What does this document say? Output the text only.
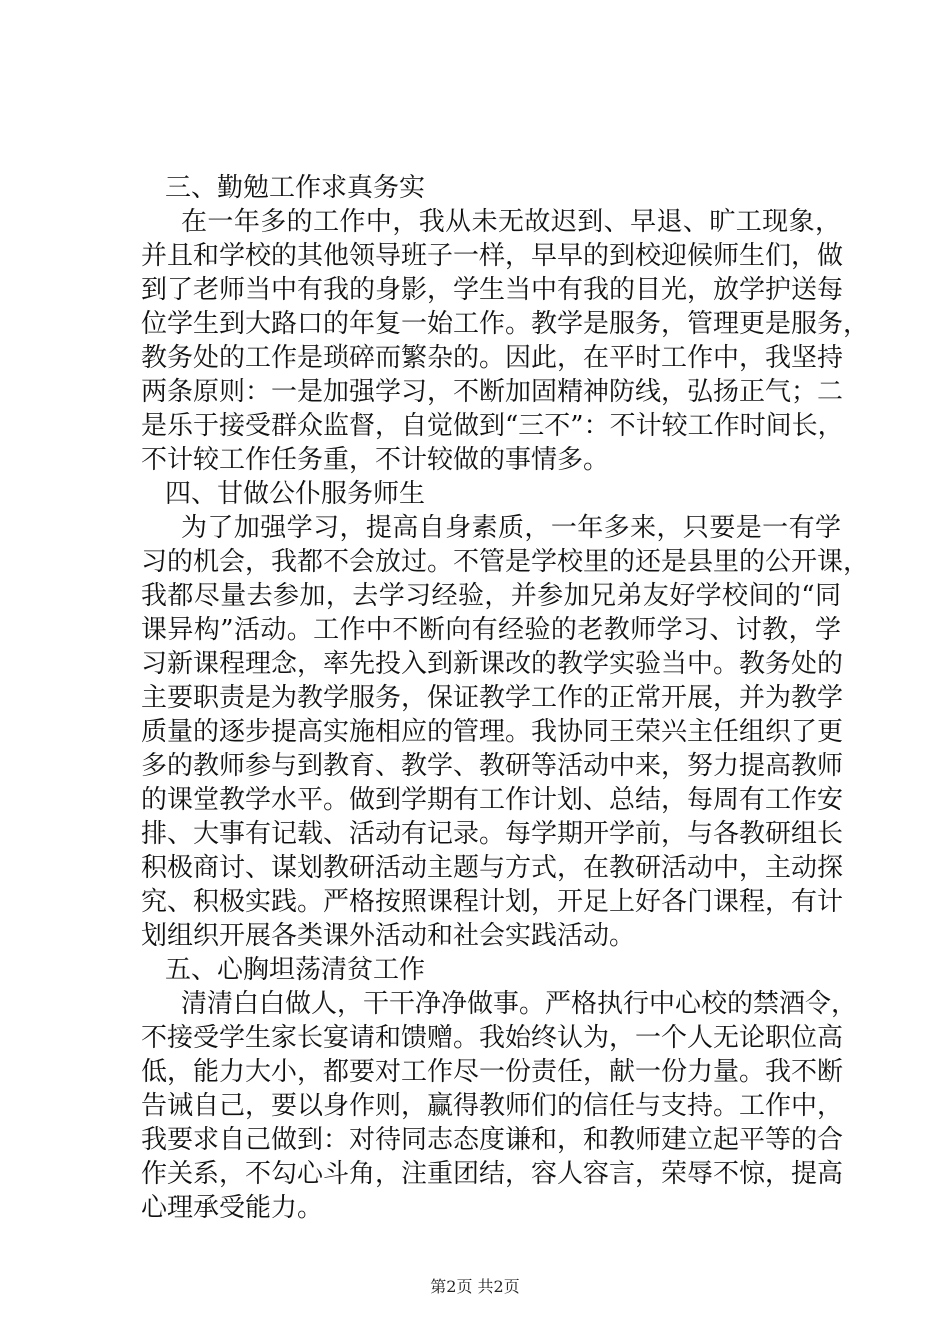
三、勤勉工作求真务实
在一年多的工作中，我从未无故迟到、早退、旷工现象，
并且和学校的其他领导班子一样，早早的到校迎候师生们，做
到了老师当中有我的身影，学生当中有我的目光，放学护送每
位学生到大路口的年复一始工作。教学是服务，管理更是服务，
教务处的工作是琐碎而繁杂的。因此，在平时工作中，我坚持
两条原则：一是加强学习，不断加固精神防线，弘扬正气；二
是乐于接受群众监督，自觉做到“三不”：不计较工作时间长，
不计较工作任务重，不计较做的事情多。
四、甘做公仆服务师生
为了加强学习，提高自身素质，一年多来，只要是一有学
习的机会，我都不会放过。不管是学校里的还是县里的公开课，
我都尽量去参加，去学习经验，并参加兄弟友好学校间的“同
课异构”活动。工作中不断向有经验的老教师学习、讨教，学
习新课程理念，率先投入到新课改的教学实验当中。教务处的
主要职责是为教学服务，保证教学工作的正常开展，并为教学
质量的逐步提高实施相应的管理。我协同王荣兴主任组织了更
多的教师参与到教育、教学、教研等活动中来，努力提高教师
的课堂教学水平。做到学期有工作计划、总结，每周有工作安
排、大事有记载、活动有记录。每学期开学前，与各教研组长
积极商讨、谋划教研活动主题与方式，在教研活动中，主动探
究、积极实践。严格按照课程计划，开足上好各门课程，有计
划组织开展各类课外活动和社会实践活动。
五、心胸坦荡清贫工作
清清白白做人，干干净净做事。严格执行中心校的禁酒令，
不接受学生家长宴请和馈赠。我始终认为，一个人无论职位高
低，能力大小，都要对工作尽一份责任，献一份力量。我不断
告诫自己，要以身作则，赢得教师们的信任与支持。工作中，
我要求自己做到：对待同志态度谦和，和教师建立起平等的合
作关系，不勾心斗角，注重团结，容人容言，荣辱不惊，提高
心理承受能力。
第2页 共2页
